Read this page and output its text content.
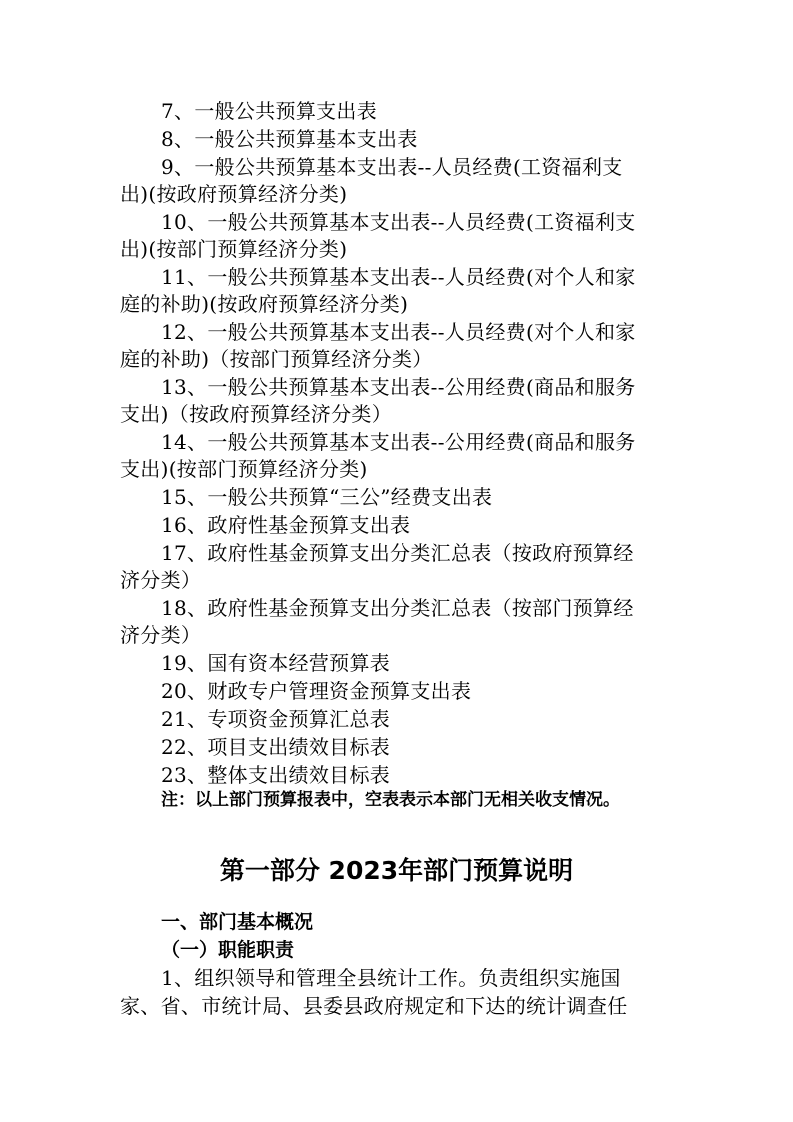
7、一般公共预算支出表
8、一般公共预算基本支出表
9、一般公共预算基本支出表--人员经费(工资福利支
出)(按政府预算经济分类)
10、一般公共预算基本支出表--人员经费(工资福利支
出)(按部门预算经济分类)
11、一般公共预算基本支出表--人员经费(对个人和家
庭的补助)(按政府预算经济分类)
12、一般公共预算基本支出表--人员经费(对个人和家
庭的补助)（按部门预算经济分类）
13、一般公共预算基本支出表--公用经费(商品和服务
支出)（按政府预算经济分类）
14、一般公共预算基本支出表--公用经费(商品和服务
支出)(按部门预算经济分类)
15、一般公共预算“三公”经费支出表
16、政府性基金预算支出表
17、政府性基金预算支出分类汇总表（按政府预算经
济分类）
18、政府性基金预算支出分类汇总表（按部门预算经
济分类）
19、国有资本经营预算表
20、财政专户管理资金预算支出表
21、专项资金预算汇总表
22、项目支出绩效目标表
23、整体支出绩效目标表
注：以上部门预算报表中，空表表示本部门无相关收支情况。
第一部分 2023年部门预算说明
一、部门基本概况
（一）职能职责
1、组织领导和管理全县统计工作。负责组织实施国
家、省、市统计局、县委县政府规定和下达的统计调查任
